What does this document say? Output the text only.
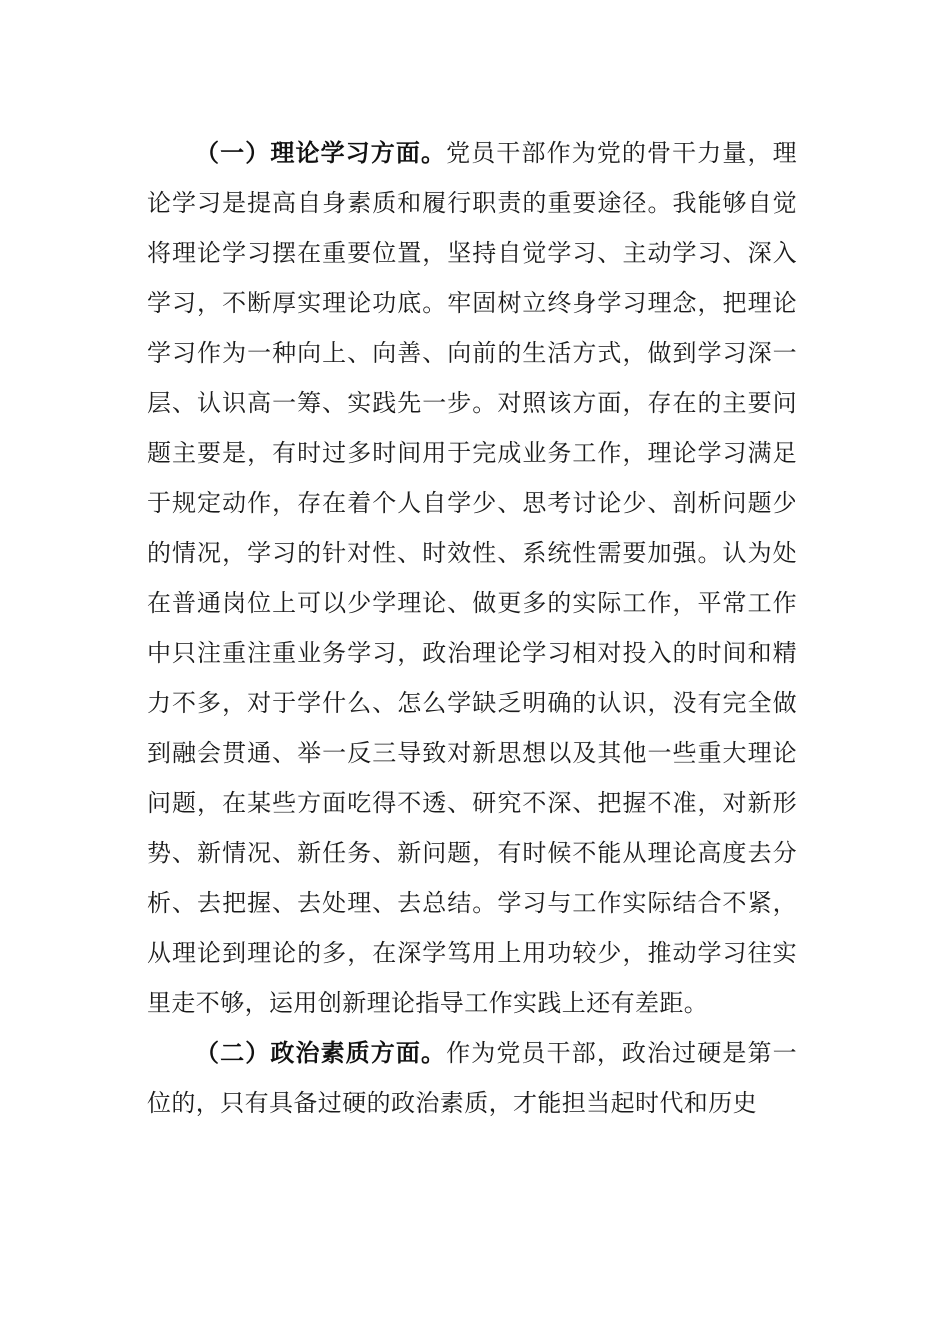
（一）理论学习方面。党员干部作为党的骨干力量，理论学习是提高自身素质和履行职责的重要途径。我能够自觉将理论学习摆在重要位置，坚持自觉学习、主动学习、深入学习，不断厚实理论功底。牢固树立终身学习理念，把理论学习作为一种向上、向善、向前的生活方式，做到学习深一层、认识高一筹、实践先一步。对照该方面，存在的主要问题主要是，有时过多时间用于完成业务工作，理论学习满足于规定动作，存在着个人自学少、思考讨论少、剖析问题少的情况，学习的针对性、时效性、系统性需要加强。认为处在普通岗位上可以少学理论、做更多的实际工作，平常工作中只注重注重业务学习，政治理论学习相对投入的时间和精力不多，对于学什么、怎么学缺乏明确的认识，没有完全做到融会贯通、举一反三导致对新思想以及其他一些重大理论问题，在某些方面吃得不透、研究不深、把握不准，对新形势、新情况、新任务、新问题，有时候不能从理论高度去分析、去把握、去处理、去总结。学习与工作实际结合不紧，从理论到理论的多，在深学笃用上用功较少，推动学习往实里走不够，运用创新理论指导工作实践上还有差距。

（二）政治素质方面。作为党员干部，政治过硬是第一位的，只有具备过硬的政治素质，才能担当起时代和历史
